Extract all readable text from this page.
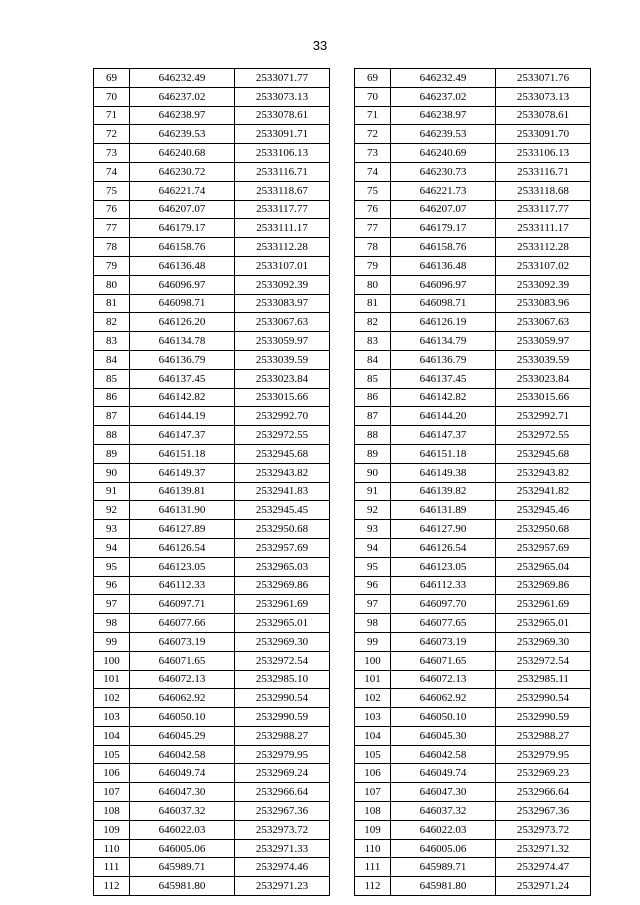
33
69	646232.49	2533071.77
70	646237.02	2533073.13
71	646238.97	2533078.61
72	646239.53	2533091.71
73	646240.68	2533106.13
74	646230.72	2533116.71
75	646221.74	2533118.67
76	646207.07	2533117.77
77	646179.17	2533111.17
78	646158.76	2533112.28
79	646136.48	2533107.01
80	646096.97	2533092.39
81	646098.71	2533083.97
82	646126.20	2533067.63
83	646134.78	2533059.97
84	646136.79	2533039.59
85	646137.45	2533023.84
86	646142.82	2533015.66
87	646144.19	2532992.70
88	646147.37	2532972.55
89	646151.18	2532945.68
90	646149.37	2532943.82
91	646139.81	2532941.83
92	646131.90	2532945.45
93	646127.89	2532950.68
94	646126.54	2532957.69
95	646123.05	2532965.03
96	646112.33	2532969.86
97	646097.71	2532961.69
98	646077.66	2532965.01
99	646073.19	2532969.30
100	646071.65	2532972.54
101	646072.13	2532985.10
102	646062.92	2532990.54
103	646050.10	2532990.59
104	646045.29	2532988.27
105	646042.58	2532979.95
106	646049.74	2532969.24
107	646047.30	2532966.64
108	646037.32	2532967.36
109	646022.03	2532973.72
110	646005.06	2532971.33
111	645989.71	2532974.46
112	645981.80	2532971.23
69	646232.49	2533071.76
70	646237.02	2533073.13
71	646238.97	2533078.61
72	646239.53	2533091.70
73	646240.69	2533106.13
74	646230.73	2533116.71
75	646221.73	2533118.68
76	646207.07	2533117.77
77	646179.17	2533111.17
78	646158.76	2533112.28
79	646136.48	2533107.02
80	646096.97	2533092.39
81	646098.71	2533083.96
82	646126.19	2533067.63
83	646134.79	2533059.97
84	646136.79	2533039.59
85	646137.45	2533023.84
86	646142.82	2533015.66
87	646144.20	2532992.71
88	646147.37	2532972.55
89	646151.18	2532945.68
90	646149.38	2532943.82
91	646139.82	2532941.82
92	646131.89	2532945.46
93	646127.90	2532950.68
94	646126.54	2532957.69
95	646123.05	2532965.04
96	646112.33	2532969.86
97	646097.70	2532961.69
98	646077.65	2532965.01
99	646073.19	2532969.30
100	646071.65	2532972.54
101	646072.13	2532985.11
102	646062.92	2532990.54
103	646050.10	2532990.59
104	646045.30	2532988.27
105	646042.58	2532979.95
106	646049.74	2532969.23
107	646047.30	2532966.64
108	646037.32	2532967.36
109	646022.03	2532973.72
110	646005.06	2532971.32
111	645989.71	2532974.47
112	645981.80	2532971.24
